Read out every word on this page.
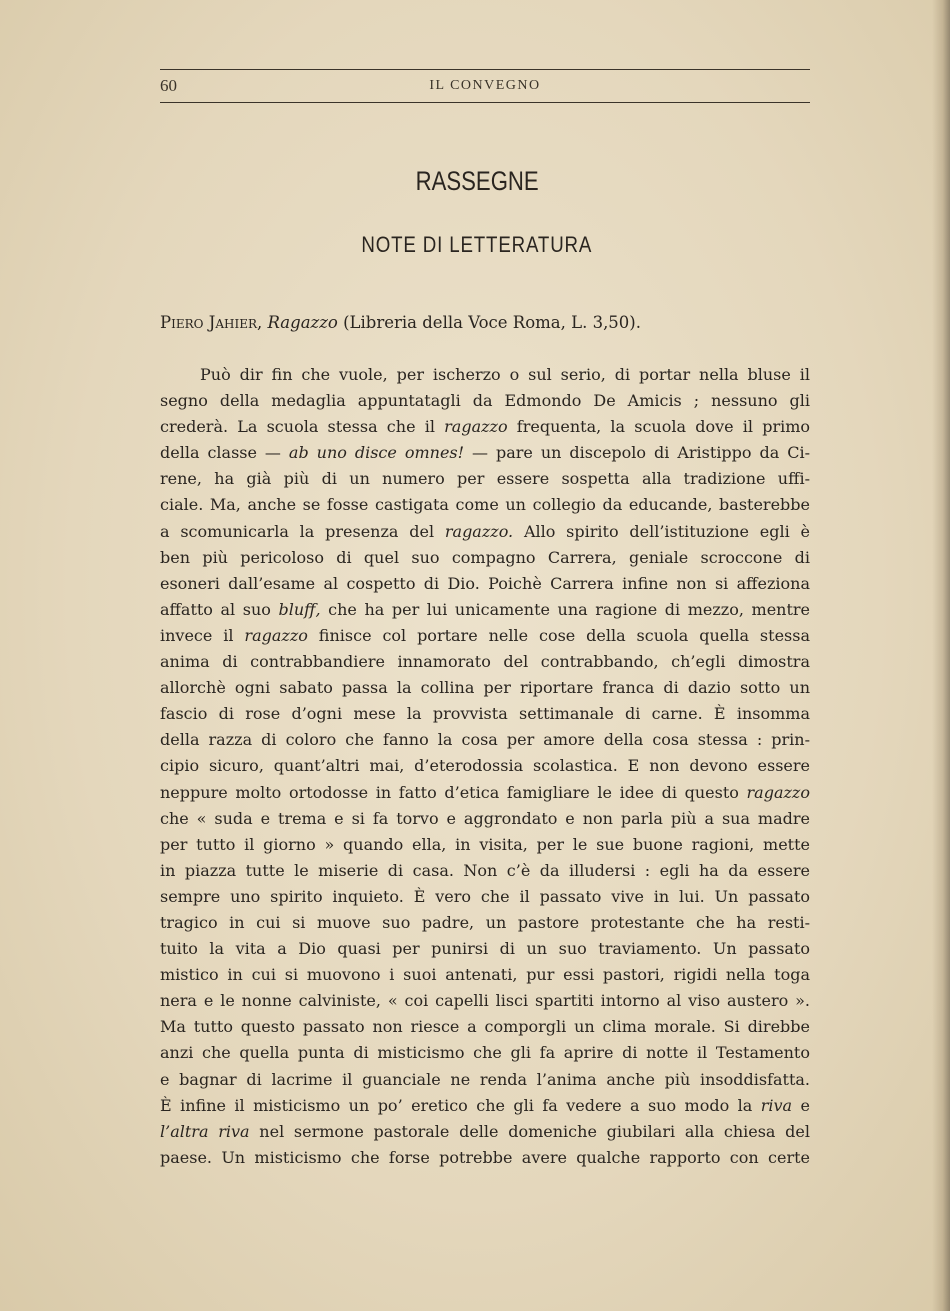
60	IL CONVEGNO
RASSEGNE
NOTE DI LETTERATURA
Piero Jahier, Ragazzo (Libreria della Voce Roma, L. 3,50).
Può dir fin che vuole, per ischerzo o sul serio, di portar nella bluse il
segno della medaglia appuntatagli da Edmondo De Amicis ; nessuno gli
crederà. La scuola stessa che il ragazzo frequenta, la scuola dove il primo
della classe — ab uno disce omnes! — pare un discepolo di Aristippo da Ci-
rene, ha già più di un numero per essere sospetta alla tradizione uffi-
ciale. Ma, anche se fosse castigata come un collegio da educande, basterebbe
a scomunicarla la presenza del ragazzo. Allo spirito dell’istituzione egli è
ben più pericoloso di quel suo compagno Carrera, geniale scroccone di
esoneri dall’esame al cospetto di Dio. Poichè Carrera infine non si affeziona
affatto al suo bluff, che ha per lui unicamente una ragione di mezzo, mentre
invece il ragazzo finisce col portare nelle cose della scuola quella stessa
anima di contrabbandiere innamorato del contrabbando, ch’egli dimostra
allorchè ogni sabato passa la collina per riportare franca di dazio sotto un
fascio di rose d’ogni mese la provvista settimanale di carne. È insomma
della razza di coloro che fanno la cosa per amore della cosa stessa : prin-
cipio sicuro, quant’altri mai, d’eterodossia scolastica. E non devono essere
neppure molto ortodosse in fatto d’etica famigliare le idee di questo ragazzo
che « suda e trema e si fa torvo e aggrondato e non parla più a sua madre
per tutto il giorno » quando ella, in visita, per le sue buone ragioni, mette
in piazza tutte le miserie di casa. Non c’è da illudersi : egli ha da essere
sempre uno spirito inquieto. È vero che il passato vive in lui. Un passato
tragico in cui si muove suo padre, un pastore protestante che ha resti-
tuito la vita a Dio quasi per punirsi di un suo traviamento. Un passato
mistico in cui si muovono i suoi antenati, pur essi pastori, rigidi nella toga
nera e le nonne calviniste, « coi capelli lisci spartiti intorno al viso austero ».
Ma tutto questo passato non riesce a comporgli un clima morale. Si direbbe
anzi che quella punta di misticismo che gli fa aprire di notte il Testamento
e bagnar di lacrime il guanciale ne renda l’anima anche più insoddisfatta.
È infine il misticismo un po’ eretico che gli fa vedere a suo modo la riva e
l’altra riva nel sermone pastorale delle domeniche giubilari alla chiesa del
paese. Un misticismo che forse potrebbe avere qualche rapporto con certe
